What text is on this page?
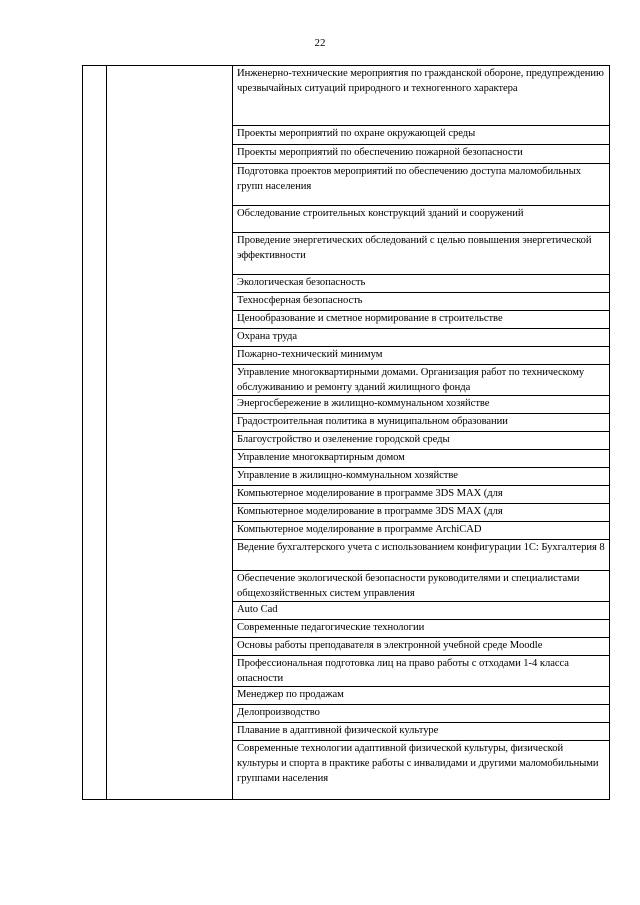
22
		Инженерно-технические мероприятия по гражданской обороне, предупреждению чрезвычайных ситуаций природного и техногенного характера
Проекты мероприятий по охране окружающей среды
Проекты мероприятий по обеспечению пожарной безопасности
Подготовка проектов мероприятий по обеспечению доступа маломобильных групп населения
Обследование строительных конструкций зданий и сооружений
Проведение энергетических обследований с целью повышения энергетической эффективности
Экологическая безопасность
Техносферная безопасность
Ценообразование и сметное нормирование в строительстве
Охрана труда
Пожарно-технический минимум
Управление многоквартирными домами. Организация работ по техническому обслуживанию и ремонту зданий жилищного фонда
Энергосбережение в жилищно-коммунальном хозяйстве
Градостроительная политика в муниципальном образовании
Благоустройство и озеленение городской среды
Управление многоквартирным домом
Управление в жилищно-коммунальном хозяйстве
Компьютерное моделирование в программе 3DS MAX (для
Компьютерное моделирование в программе 3DS MAX (для
Компьютерное моделирование в программе ArchiCAD
Ведение бухгалтерского учета с использованием конфигурации 1С: Бухгалтерия 8
Обеспечение экологической безопасности руководителями и специалистами общехозяйственных систем управления
Auto Cad
Современные педагогические технологии
Основы работы преподавателя в электронной учебной среде Moodle
Профессиональная подготовка лиц на право работы с отходами 1-4 класса опасности
Менеджер по продажам
Делопроизводство
Плавание в адаптивной физической культуре
Современные технологии адаптивной физической культуры, физической культуры и спорта в практике работы с инвалидами и другими маломобильными группами населения
